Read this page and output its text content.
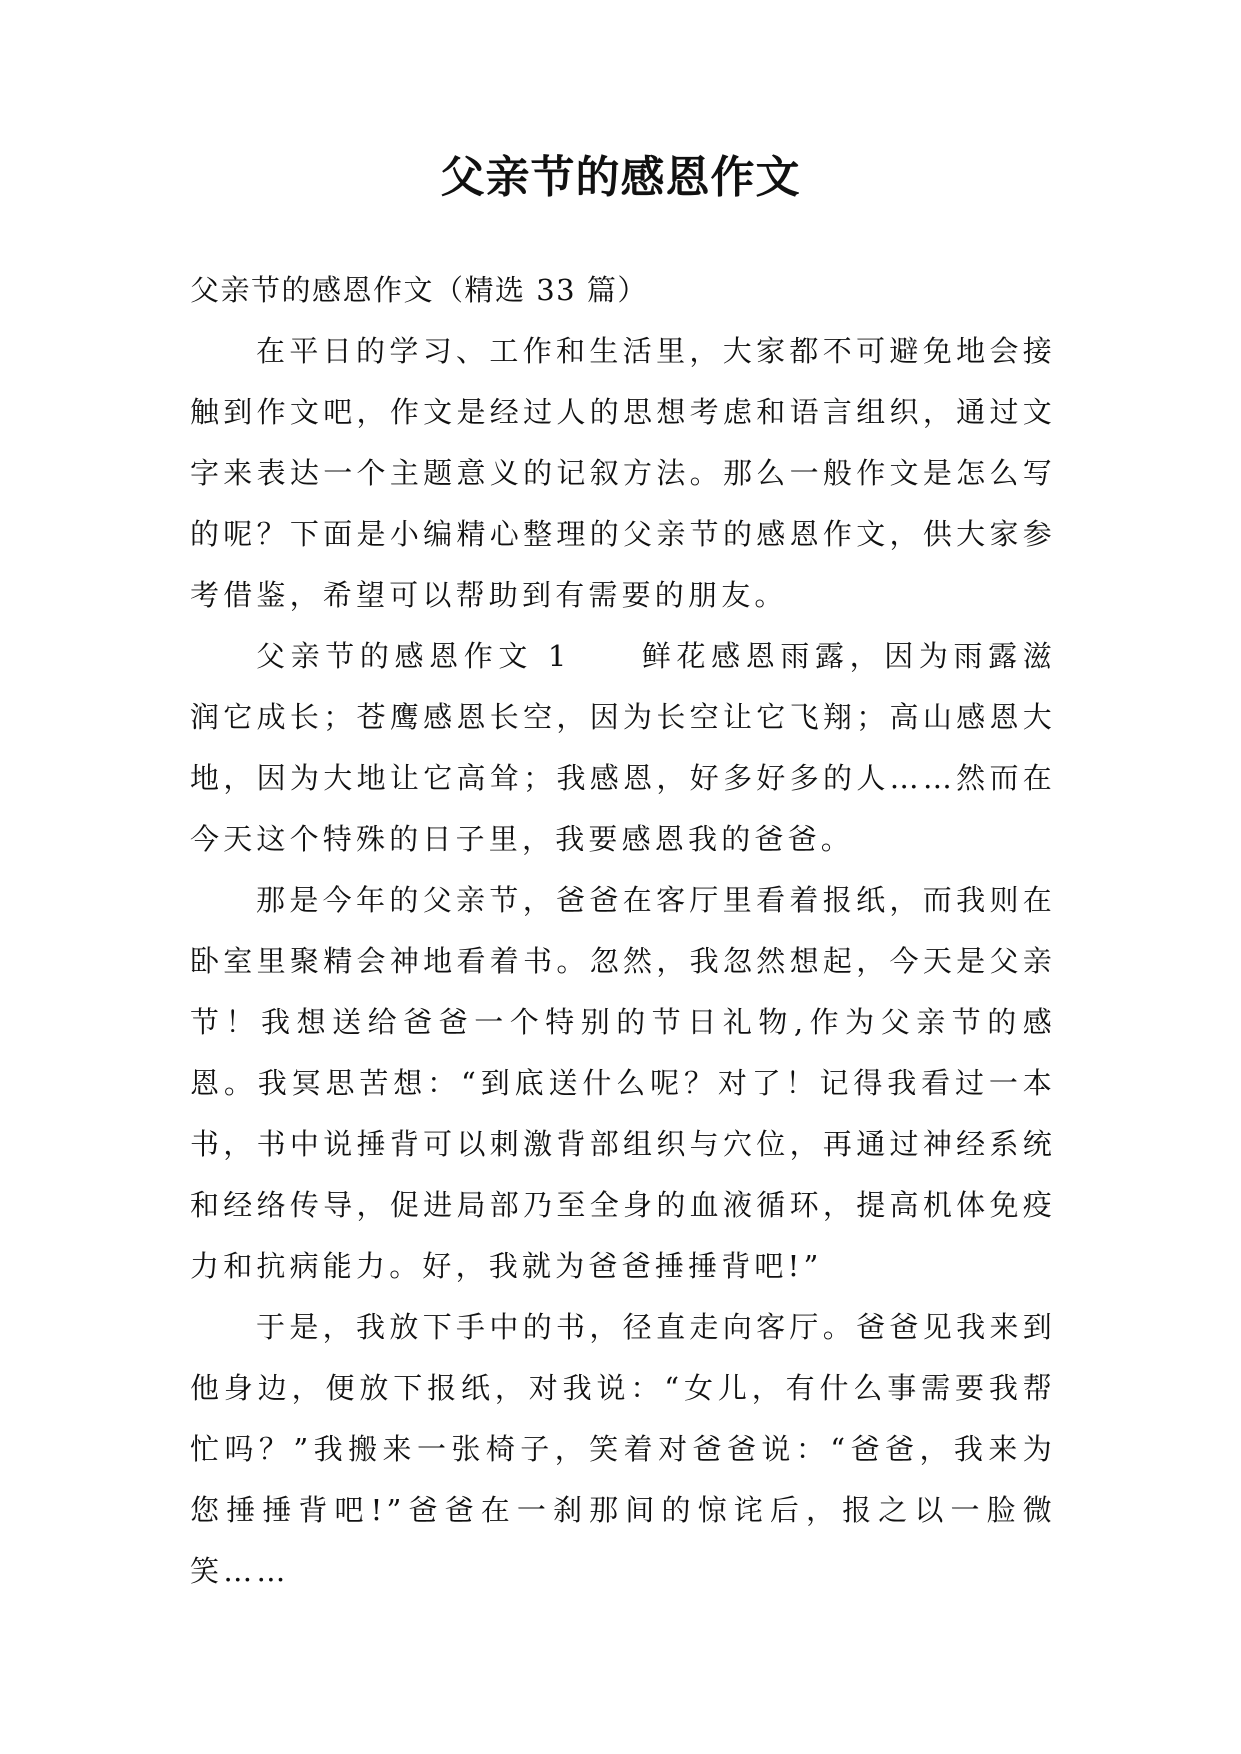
父亲节的感恩作文

父亲节的感恩作文（精选 33 篇）

在平日的学习、工作和生活里，大家都不可避免地会接触到作文吧，作文是经过人的思想考虑和语言组织，通过文字来表达一个主题意义的记叙方法。那么一般作文是怎么写的呢？下面是小编精心整理的父亲节的感恩作文，供大家参考借鉴，希望可以帮助到有需要的朋友。

父亲节的感恩作文 1 鲜花感恩雨露，因为雨露滋润它成长；苍鹰感恩长空，因为长空让它飞翔；高山感恩大地，因为大地让它高耸；我感恩，好多好多的人……然而在今天这个特殊的日子里，我要感恩我的爸爸。

那是今年的父亲节，爸爸在客厅里看着报纸，而我则在卧室里聚精会神地看着书。忽然，我忽然想起，今天是父亲节！我想送给爸爸一个特别的节日礼物,作为父亲节的感恩。我冥思苦想：“到底送什么呢？对了！记得我看过一本书，书中说捶背可以刺激背部组织与穴位，再通过神经系统和经络传导，促进局部乃至全身的血液循环，提高机体免疫力和抗病能力。好，我就为爸爸捶捶背吧!”

于是，我放下手中的书，径直走向客厅。爸爸见我来到他身边，便放下报纸，对我说：“女儿，有什么事需要我帮忙吗？”我搬来一张椅子，笑着对爸爸说：“爸爸，我来为您捶捶背吧!”爸爸在一刹那间的惊诧后，报之以一脸微笑……
